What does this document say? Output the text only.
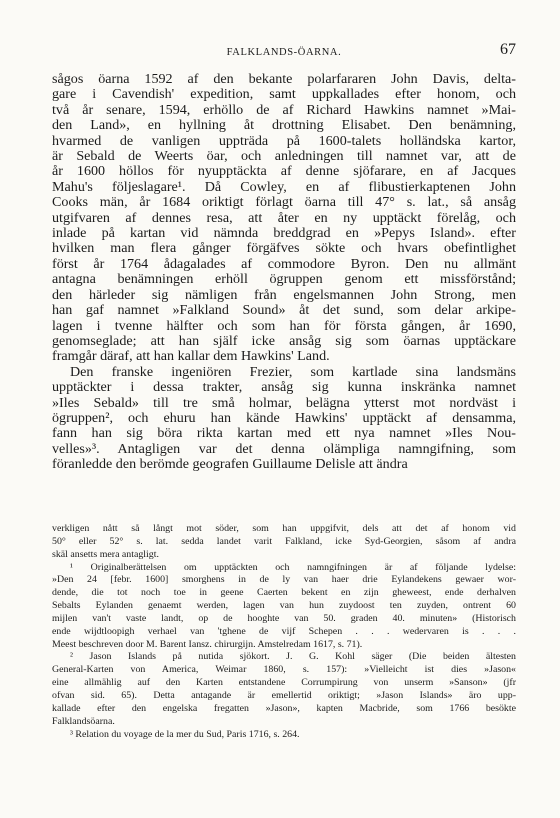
FALKLANDS-ÖARNA.	67
sågos öarna 1592 af den bekante polarfararen John Davis, delta-
gare i Cavendish' expedition, samt uppkallades efter honom, och
två år senare, 1594, erhöllo de af Richard Hawkins namnet »Mai-
den Land», en hyllning åt drottning Elisabet. Den benämning,
hvarmed de vanligen uppträda på 1600-talets holländska kartor,
är Sebald de Weerts öar, och anledningen till namnet var, att de
år 1600 höllos för nyupptäckta af denne sjöfarare, en af Jacques
Mahu's följeslagare¹. Då Cowley, en af flibustierkaptenen John
Cooks män, år 1684 oriktigt förlagt öarna till 47° s. lat., så ansåg
utgifvaren af dennes resa, att åter en ny upptäckt förelåg, och
inlade på kartan vid nämnda breddgrad en »Pepys Island». efter
hvilken man flera gånger förgäfves sökte och hvars obefintlighet
först år 1764 ådagalades af commodore Byron. Den nu allmänt
antagna benämningen erhöll ögruppen genom ett missförstånd;
den härleder sig nämligen från engelsmannen John Strong, men
han gaf namnet »Falkland Sound» åt det sund, som delar arkipe-
lagen i tvenne hälfter och som han för första gången, år 1690,
genomseglade; att han själf icke ansåg sig som öarnas upptäckare
framgår däraf, att han kallar dem Hawkins' Land.
Den franske ingeniören Frezier, som kartlade sina landsmäns
upptäckter i dessa trakter, ansåg sig kunna inskränka namnet
»Iles Sebald» till tre små holmar, belägna ytterst mot nordväst i
ögruppen², och ehuru han kände Hawkins' upptäckt af densamma,
fann han sig böra rikta kartan med ett nya namnet »Iles Nou-
velles»³. Antagligen var det denna olämpliga namngifning, som
föranledde den berömde geografen Guillaume Delisle att ändra
verkligen nått så långt mot söder, som han uppgifvit, dels att det af honom vid
50° eller 52° s. lat. sedda landet varit Falkland, icke Syd-Georgien, såsom af andra
skäl ansetts mera antagligt.
¹ Originalberättelsen om upptäckten och namngifningen är af följande lydelse:
»Den 24 [febr. 1600] smorghens in de ly van haer drie Eylandekens gewaer wor-
dende, die tot noch toe in geene Caerten bekent en zijn gheweest, ende derhalven
Sebalts Eylanden genaemt werden, lagen van hun zuydoost ten zuyden, ontrent 60
mijlen van't vaste landt, op de hooghte van 50. graden 40. minuten» (Historisch
ende wijdtloopigh verhael van 'tghene de vijf Schepen . . . wedervaren is . . .
Meest beschreven door M. Barent Iansz. chirurgijn. Amstelredam 1617, s. 71).
² Jason Islands på nutida sjökort. J. G. Kohl säger (Die beiden ältesten
General-Karten von America, Weimar 1860, s. 157): »Vielleicht ist dies »Jason«
eine allmählig auf den Karten entstandene Corrumpirung von unserm »Sanson» (jfr
ofvan sid. 65). Detta antagande är emellertid oriktigt; »Jason Islands» äro upp-
kallade efter den engelska fregatten »Jason», kapten Macbride, som 1766 besökte
Falklandsöarna.
³ Relation du voyage de la mer du Sud, Paris 1716, s. 264.
